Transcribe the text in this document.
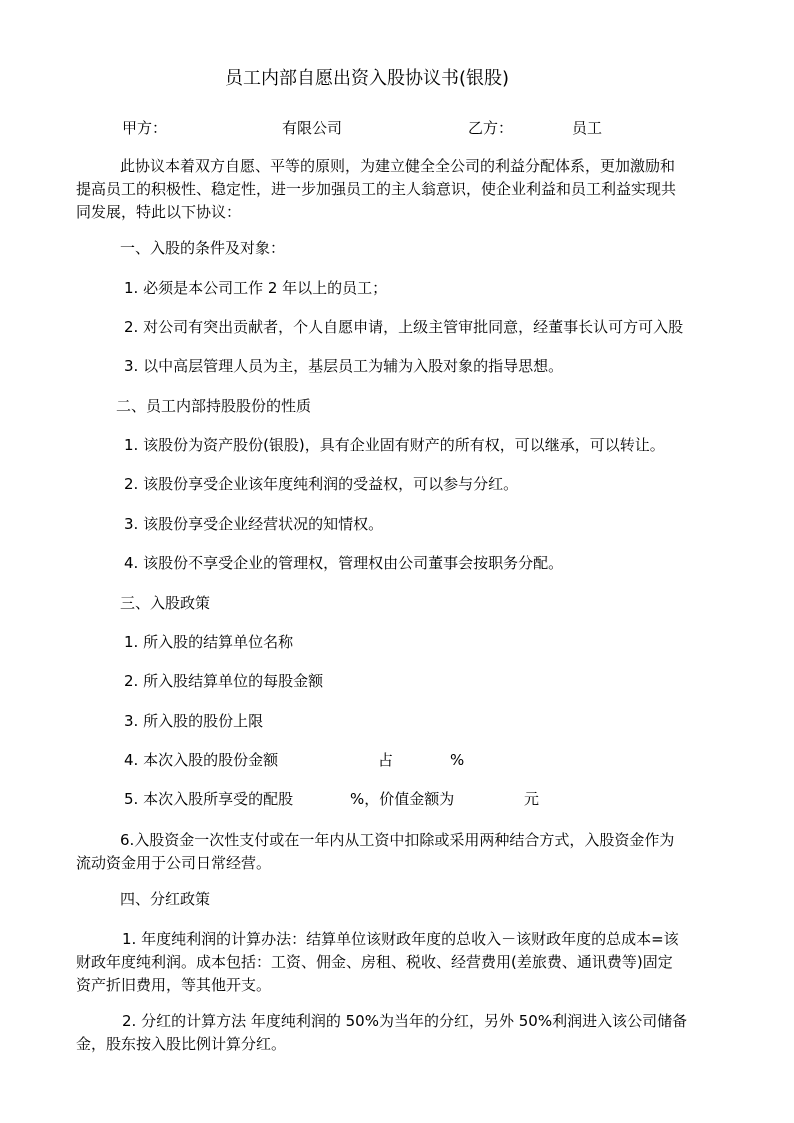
员工内部自愿出资入股协议书(银股)
甲方：	有限公司	乙方：	员工
此协议本着双方自愿、平等的原则，为建立健全全公司的利益分配体系，更加激励和
提高员工的积极性、稳定性，进一步加强员工的主人翁意识，使企业利益和员工利益实现共
同发展，特此以下协议：
一、入股的条件及对象：
1. 必须是本公司工作 2 年以上的员工；
2. 对公司有突出贡献者，个人自愿申请，上级主管审批同意，经董事长认可方可入股
3. 以中高层管理人员为主，基层员工为辅为入股对象的指导思想。
二、员工内部持股股份的性质
1. 该股份为资产股份(银股)，具有企业固有财产的所有权，可以继承，可以转让。
2. 该股份享受企业该年度纯利润的受益权，可以参与分红。
3. 该股份享受企业经营状况的知情权。
4. 该股份不享受企业的管理权，管理权由公司董事会按职务分配。
三、入股政策
1. 所入股的结算单位名称
2. 所入股结算单位的每股金额
3. 所入股的股份上限
4. 本次入股的股份金额	占	%
5. 本次入股所享受的配股	%，价值金额为	元
6.入股资金一次性支付或在一年内从工资中扣除或采用两种结合方式，入股资金作为
流动资金用于公司日常经营。
四、分红政策
1. 年度纯利润的计算办法：结算单位该财政年度的总收入－该财政年度的总成本=该
财政年度纯利润。成本包括：工资、佣金、房租、税收、经营费用(差旅费、通讯费等)固定
资产折旧费用，等其他开支。
2. 分红的计算方法 年度纯利润的 50%为当年的分红，另外 50%利润进入该公司储备
金，股东按入股比例计算分红。
